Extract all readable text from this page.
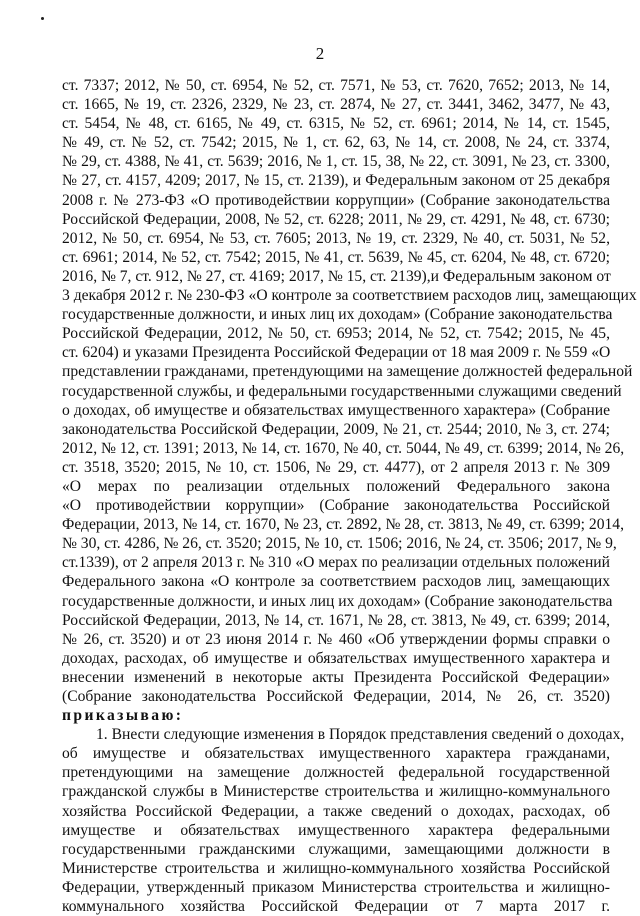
2

ст. 7337; 2012, № 50, ст. 6954, № 52, ст. 7571, № 53, ст. 7620, 7652; 2013, № 14,
ст. 1665, № 19, ст. 2326, 2329, № 23, ст. 2874, № 27, ст. 3441, 3462, 3477, № 43,
ст. 5454, № 48, ст. 6165, № 49, ст. 6315, № 52, ст. 6961; 2014, № 14, ст. 1545,
№ 49, ст. № 52, ст. 7542; 2015, № 1, ст. 62, 63, № 14, ст. 2008, № 24, ст. 3374,
№ 29, ст. 4388, № 41, ст. 5639; 2016, № 1, ст. 15, 38, № 22, ст. 3091, № 23, ст. 3300,
№ 27, ст. 4157, 4209; 2017, № 15, ст. 2139), и Федеральным законом от 25 декабря
2008 г. № 273-ФЗ «О противодействии коррупции» (Собрание законодательства
Российской Федерации, 2008, № 52, ст. 6228; 2011, № 29, ст. 4291, № 48, ст. 6730;
2012, № 50, ст. 6954, № 53, ст. 7605; 2013, № 19, ст. 2329, № 40, ст. 5031, № 52,
ст. 6961; 2014, № 52, ст. 7542; 2015, № 41, ст. 5639, № 45, ст. 6204, № 48, ст. 6720;
2016, № 7, ст. 912, № 27, ст. 4169; 2017, № 15, ст. 2139),и Федеральным законом от
3 декабря 2012 г. № 230-ФЗ «О контроле за соответствием расходов лиц, замещающих
государственные должности, и иных лиц их доходам» (Собрание законодательства
Российской Федерации, 2012, № 50, ст. 6953; 2014, № 52, ст. 7542; 2015, № 45,
ст. 6204) и указами Президента Российской Федерации от 18 мая 2009 г. № 559 «О
представлении гражданами, претендующими на замещение должностей федеральной
государственной службы, и федеральными государственными служащими сведений
о доходах, об имуществе и обязательствах имущественного характера» (Собрание
законодательства Российской Федерации, 2009, № 21, ст. 2544; 2010, № 3, ст. 274;
2012, № 12, ст. 1391; 2013, № 14, ст. 1670, № 40, ст. 5044, № 49, ст. 6399; 2014, № 26,
ст. 3518, 3520; 2015, № 10, ст. 1506, № 29, ст. 4477), от 2 апреля 2013 г. № 309
«О мерах по реализации отдельных положений Федерального закона
«О противодействии коррупции» (Собрание законодательства Российской
Федерации, 2013, № 14, ст. 1670, № 23, ст. 2892, № 28, ст. 3813, № 49, ст. 6399; 2014,
№ 30, ст. 4286, № 26, ст. 3520; 2015, № 10, ст. 1506; 2016, № 24, ст. 3506; 2017, № 9,
ст.1339), от 2 апреля 2013 г. № 310 «О мерах по реализации отдельных положений
Федерального закона «О контроле за соответствием расходов лиц, замещающих
государственные должности, и иных лиц их доходам» (Собрание законодательства
Российской Федерации, 2013, № 14, ст. 1671, № 28, ст. 3813, № 49, ст. 6399; 2014,
№ 26, ст. 3520) и от 23 июня 2014 г. № 460 «Об утверждении формы справки о
доходах, расходах, об имуществе и обязательствах имущественного характера и
внесении изменений в некоторые акты Президента Российской Федерации»
(Собрание законодательства Российской Федерации, 2014, № 26, ст. 3520)

приказываю:

1. Внести следующие изменения в Порядок представления сведений о доходах,
об имуществе и обязательствах имущественного характера гражданами,
претендующими на замещение должностей федеральной государственной
гражданской службы в Министерстве строительства и жилищно-коммунального
хозяйства Российской Федерации, а также сведений о доходах, расходах, об
имуществе и обязательствах имущественного характера федеральными
государственными гражданскими служащими, замещающими должности в
Министерстве строительства и жилищно-коммунального хозяйства Российской
Федерации, утвержденный приказом Министерства строительства и жилищно-
коммунального хозяйства Российской Федерации от 7 марта 2017 г.
